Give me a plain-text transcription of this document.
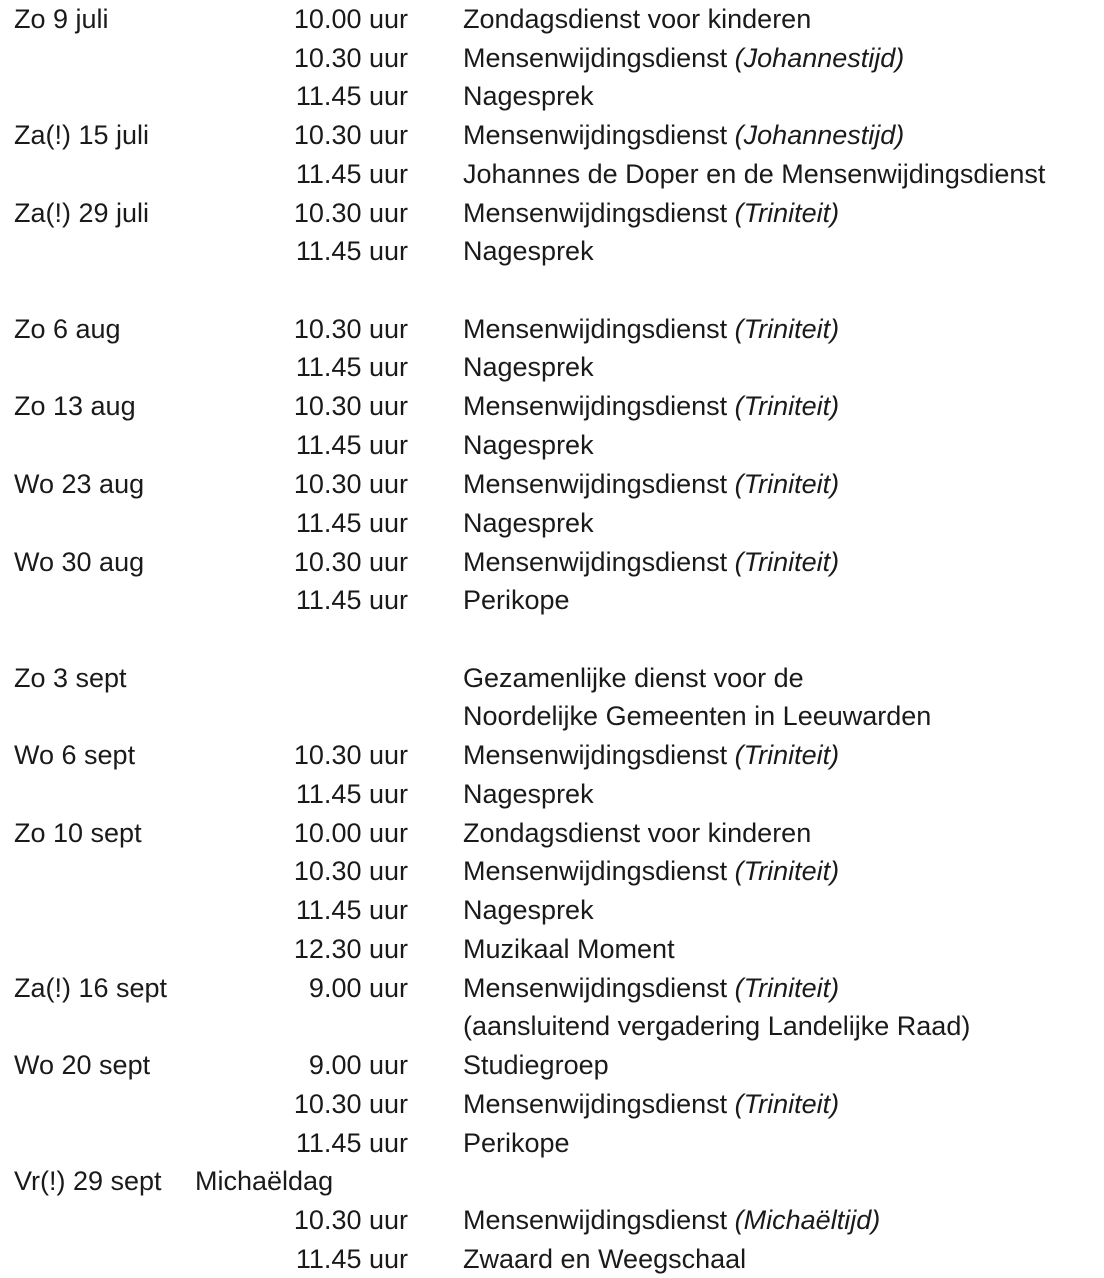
Zo 9 juli	10.00 uur Zondagsdienst voor kinderen
10.30 uur Mensenwijdingsdienst (Johannestijd)
11.45 uur Nagesprek
Za(!) 15 juli	10.30 uur Mensenwijdingsdienst (Johannestijd)
11.45 uur Johannes de Doper en de Mensenwijdingsdienst
Za(!) 29 juli	10.30 uur Mensenwijdingsdienst (Triniteit)
11.45 uur Nagesprek
Zo 6 aug	10.30 uur Mensenwijdingsdienst (Triniteit)
11.45 uur Nagesprek
Zo 13 aug	10.30 uur Mensenwijdingsdienst (Triniteit)
11.45 uur Nagesprek
Wo 23 aug	10.30 uur Mensenwijdingsdienst (Triniteit)
11.45 uur Nagesprek
Wo 30 aug	10.30 uur Mensenwijdingsdienst (Triniteit)
11.45 uur Perikope
Zo 3 sept	Gezamenlijke dienst voor de
Noordelijke Gemeenten in Leeuwarden
Wo 6 sept	10.30 uur Mensenwijdingsdienst (Triniteit)
11.45 uur Nagesprek
Zo 10 sept	10.00 uur Zondagsdienst voor kinderen
10.30 uur Mensenwijdingsdienst (Triniteit)
11.45 uur Nagesprek
12.30 uur Muzikaal Moment
Za(!) 16 sept	9.00 uur Mensenwijdingsdienst (Triniteit)
(aansluitend vergadering Landelijke Raad)
Wo 20 sept	9.00 uur Studiegroep
10.30 uur Mensenwijdingsdienst (Triniteit)
11.45 uur Perikope
Vr(!) 29 sept Michaëldag
10.30 uur Mensenwijdingsdienst (Michaëltijd)
11.45 uur Zwaard en Weegschaal
